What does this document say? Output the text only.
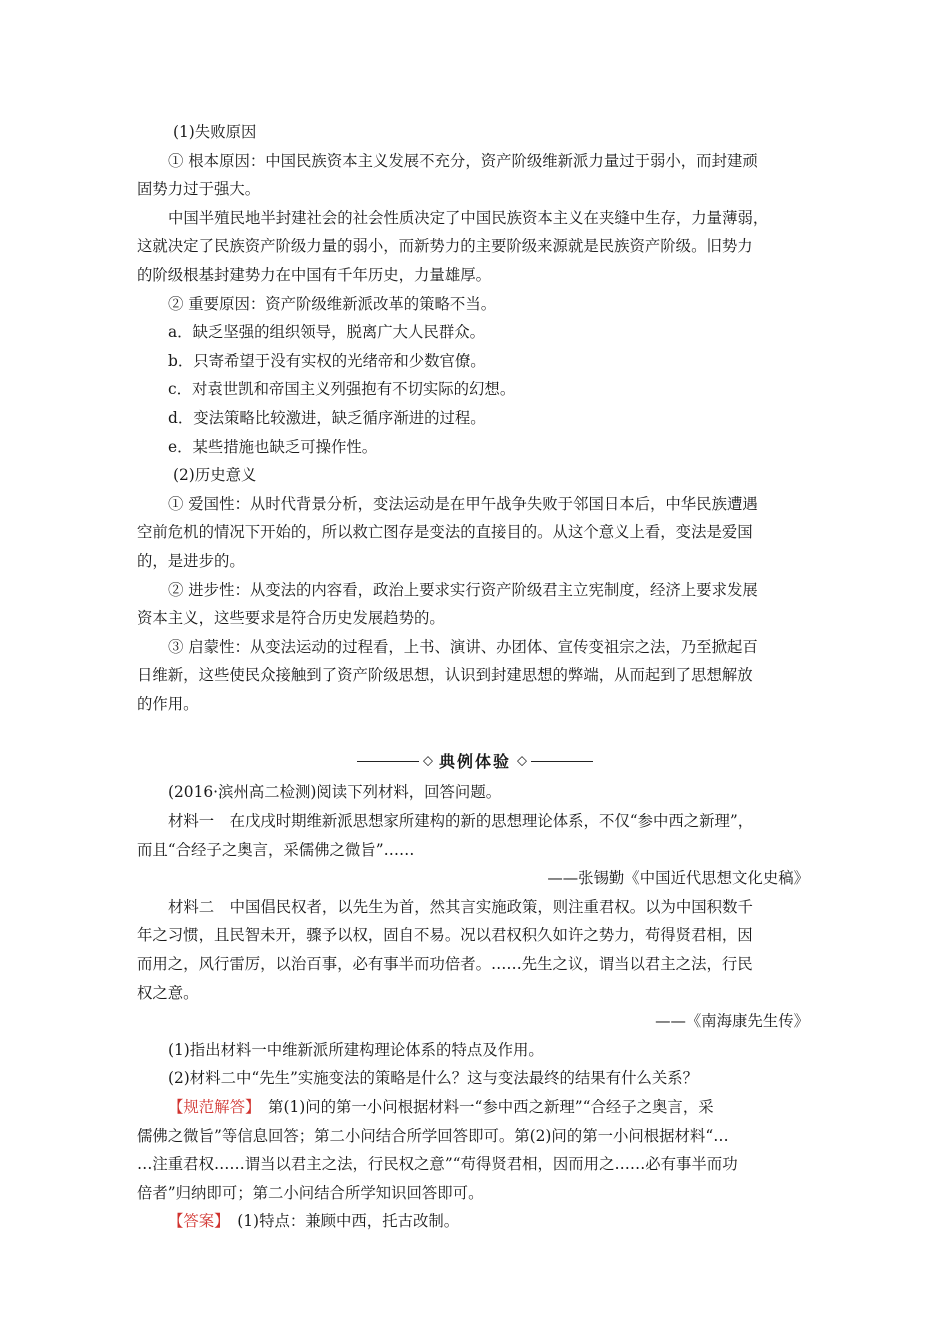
(1)失败原因
① 根本原因：中国民族资本主义发展不充分，资产阶级维新派力量过于弱小，而封建顽
固势力过于强大。
中国半殖民地半封建社会的社会性质决定了中国民族资本主义在夹缝中生存，力量薄弱，
这就决定了民族资产阶级力量的弱小，而新势力的主要阶级来源就是民族资产阶级。旧势力
的阶级根基封建势力在中国有千年历史，力量雄厚。
② 重要原因：资产阶级维新派改革的策略不当。
a．缺乏坚强的组织领导，脱离广大人民群众。
b．只寄希望于没有实权的光绪帝和少数官僚。
c．对袁世凯和帝国主义列强抱有不切实际的幻想。
d．变法策略比较激进，缺乏循序渐进的过程。
e．某些措施也缺乏可操作性。
(2)历史意义
① 爱国性：从时代背景分析，变法运动是在甲午战争失败于邻国日本后，中华民族遭遇
空前危机的情况下开始的，所以救亡图存是变法的直接目的。从这个意义上看，变法是爱国
的，是进步的。
② 进步性：从变法的内容看，政治上要求实行资产阶级君主立宪制度，经济上要求发展
资本主义，这些要求是符合历史发展趋势的。
③ 启蒙性：从变法运动的过程看，上书、演讲、办团体、宣传变祖宗之法，乃至掀起百
日维新，这些使民众接触到了资产阶级思想，认识到封建思想的弊端，从而起到了思想解放
的作用。
◇ 典例体验 ◇
(2016·滨州高二检测)阅读下列材料，回答问题。
材料一　在戊戌时期维新派思想家所建构的新的思想理论体系，不仅“参中西之新理”，
而且“合经子之奥言，采儒佛之微旨”……
——张锡勤《中国近代思想文化史稿》
材料二　中国倡民权者，以先生为首，然其言实施政策，则注重君权。以为中国积数千
年之习惯，且民智未开，骤予以权，固自不易。况以君权积久如许之势力，苟得贤君相，因
而用之，风行雷厉，以治百事，必有事半而功倍者。……先生之议，谓当以君主之法，行民
权之意。
——《南海康先生传》
(1)指出材料一中维新派所建构理论体系的特点及作用。
(2)材料二中“先生”实施变法的策略是什么？这与变法最终的结果有什么关系？
【规范解答】　第(1)问的第一小问根据材料一“参中西之新理”“合经子之奥言，采
儒佛之微旨”等信息回答；第二小问结合所学回答即可。第(2)问的第一小问根据材料“…
…注重君权……谓当以君主之法，行民权之意”“苟得贤君相，因而用之……必有事半而功
倍者”归纳即可；第二小问结合所学知识回答即可。
【答案】　(1)特点：兼顾中西，托古改制。
